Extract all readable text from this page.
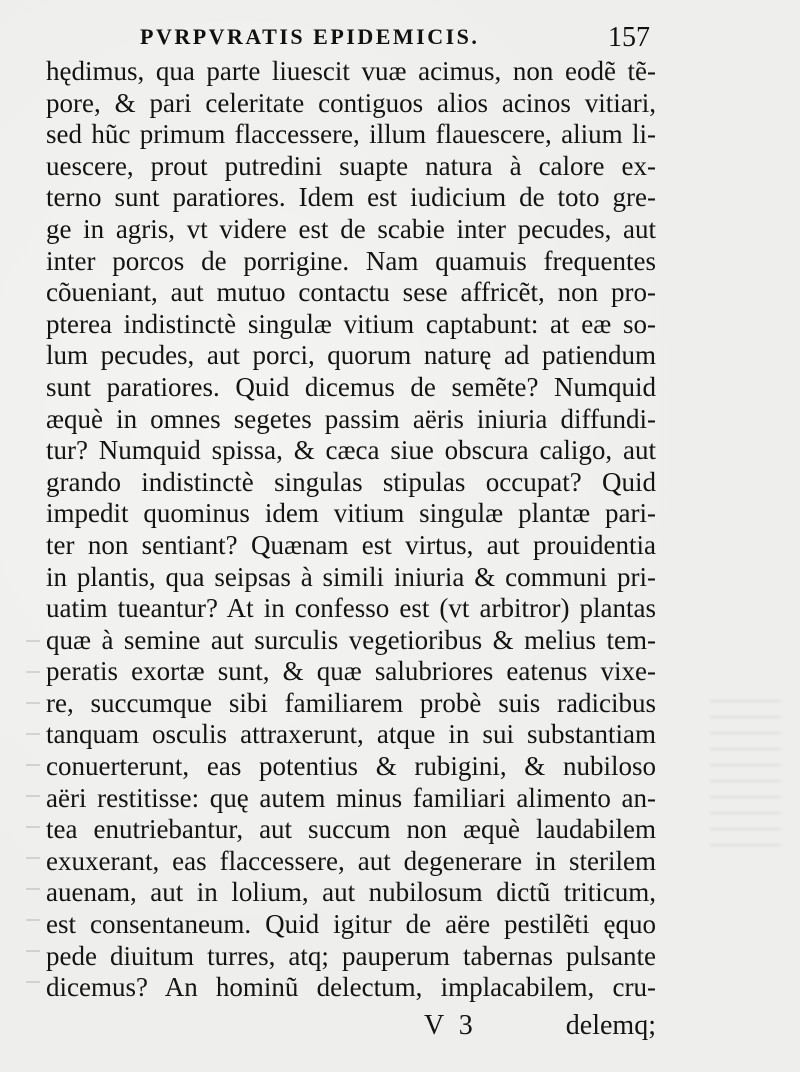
PVRPVRATIS EPIDEMICIS.	157
hędimus, qua parte liuescit vuæ acimus, non eodẽ tẽ-
pore, & pari celeritate contiguos alios acinos vitiari,
sed hũc primum flaccessere, illum flauescere, alium li-
uescere, prout putredini suapte natura à calore ex-
terno sunt paratiores. Idem est iudicium de toto gre-
ge in agris, vt videre est de scabie inter pecudes, aut
inter porcos de porrigine. Nam quamuis frequentes
cõueniant, aut mutuo contactu sese affricẽt, non pro-
pterea indistinctè singulæ vitium captabunt: at eæ so-
lum pecudes, aut porci, quorum naturę ad patiendum
sunt paratiores. Quid dicemus de semẽte? Numquid
æquè in omnes segetes passim aëris iniuria diffundi-
tur? Numquid spissa, & cæca siue obscura caligo, aut
grando indistinctè singulas stipulas occupat? Quid
impedit quominus idem vitium singulæ plantæ pari-
ter non sentiant? Quænam est virtus, aut prouidentia
in plantis, qua seipsas à simili iniuria & communi pri-
uatim tueantur? At in confesso est (vt arbitror) plantas
quæ à semine aut surculis vegetioribus & melius tem-
peratis exortæ sunt, & quæ salubriores eatenus vixe-
re, succumque sibi familiarem probè suis radicibus
tanquam osculis attraxerunt, atque in sui substantiam
conuerterunt, eas potentius & rubigini, & nubiloso
aëri restitisse: quę autem minus familiari alimento an-
tea enutriebantur, aut succum non æquè laudabilem
exuxerant, eas flaccessere, aut degenerare in sterilem
auenam, aut in lolium, aut nubilosum dictũ triticum,
est consentaneum. Quid igitur de aëre pestilẽti ęquo
pede diuitum turres, atq; pauperum tabernas pulsante
dicemus? An hominũ delectum, implacabilem, cru-
V 3	delemq;
